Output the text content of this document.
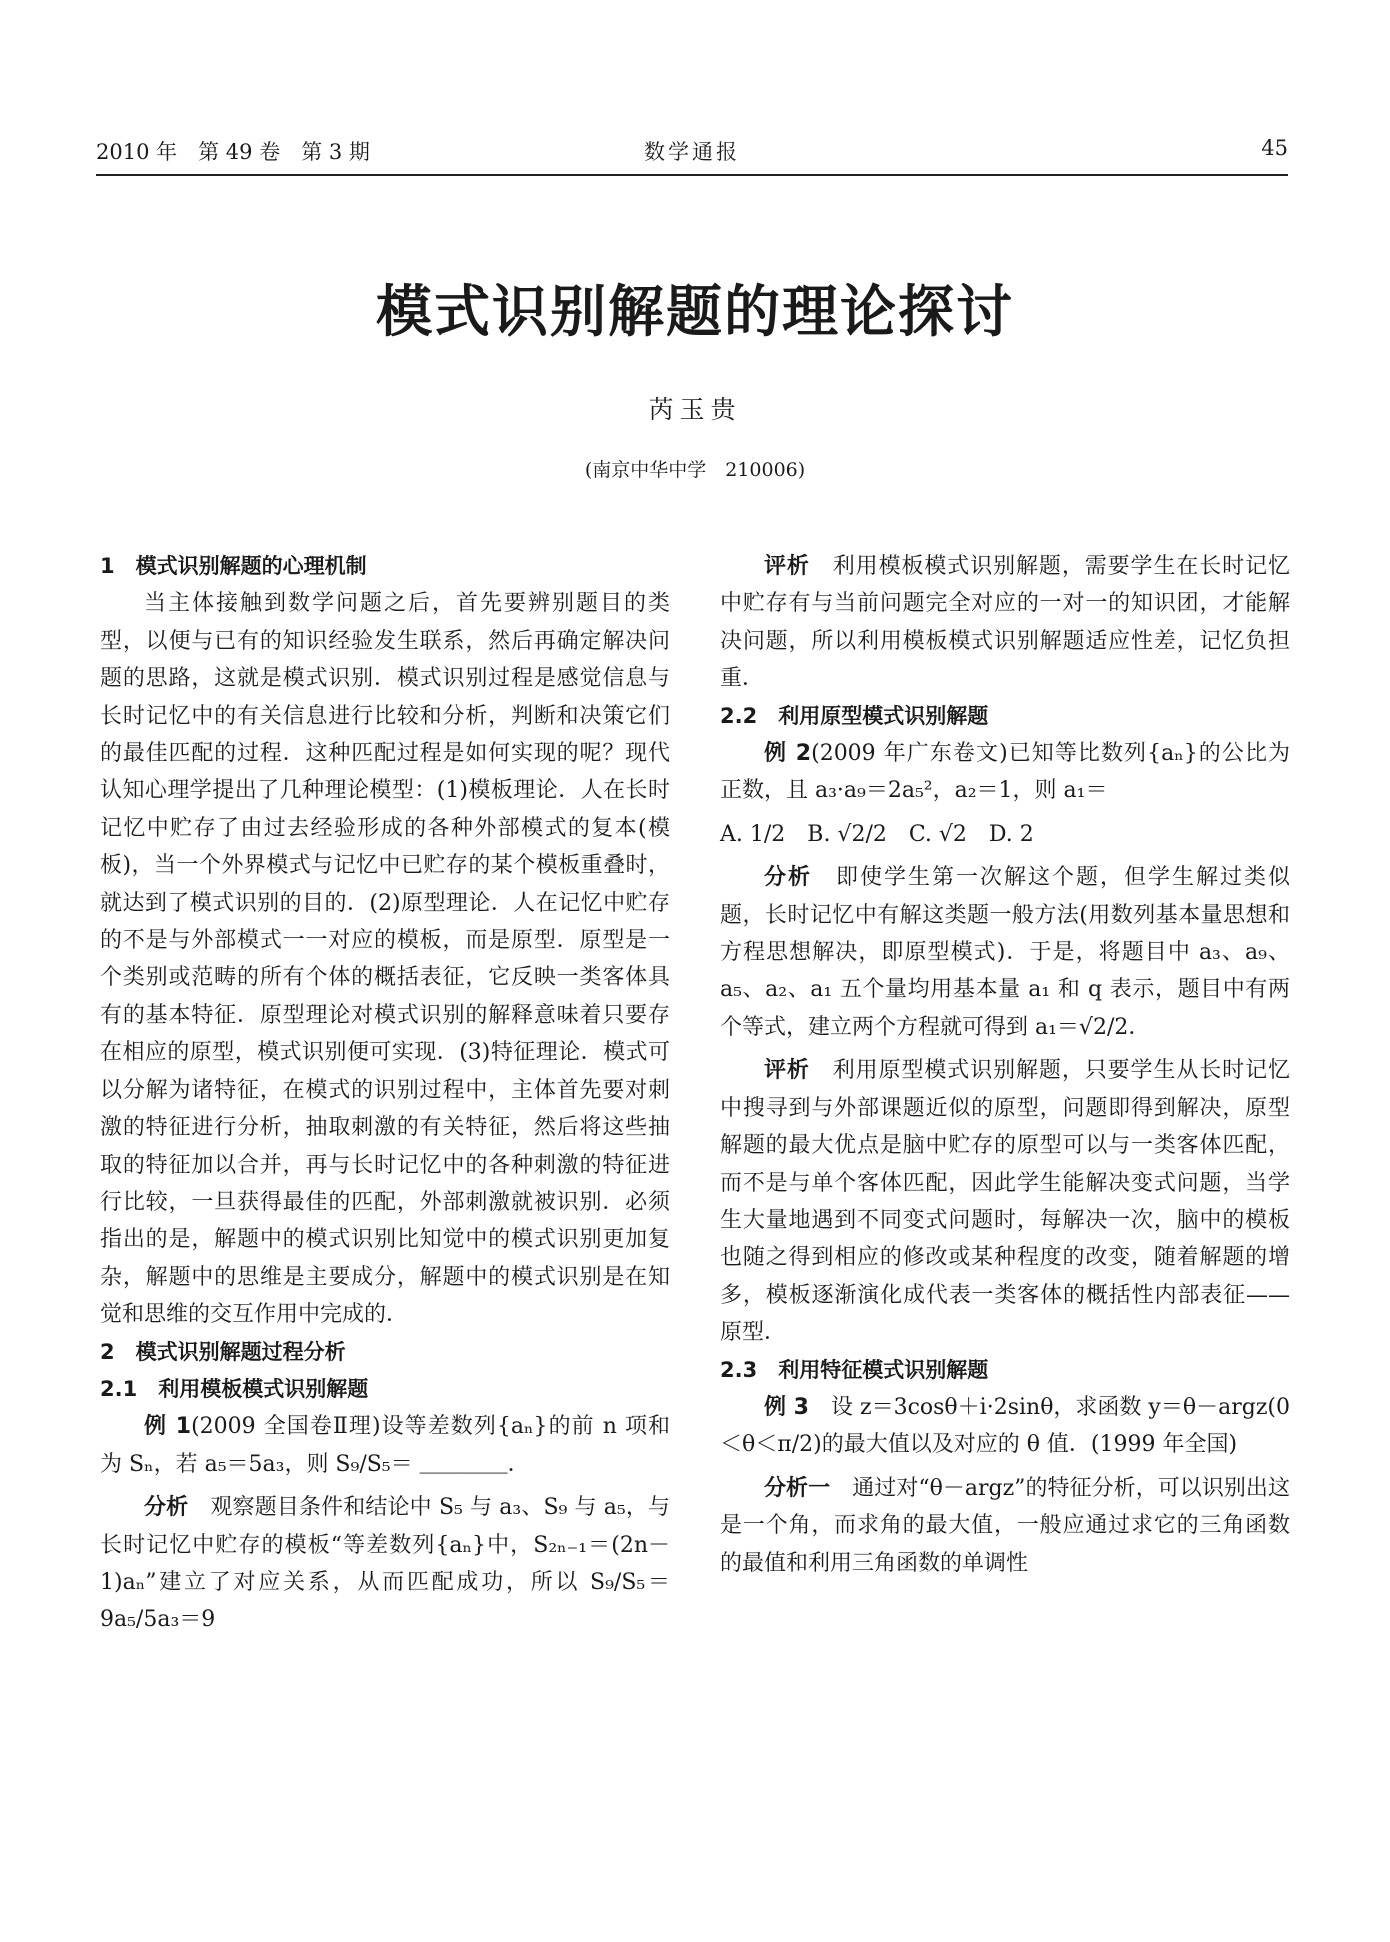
2010 年　第 49 卷　第 3 期	数学通报	45
模式识别解题的理论探讨
芮玉贵
(南京中华中学　210006)
1　模式识别解题的心理机制

当主体接触到数学问题之后，首先要辨别题目的类型，以便与已有的知识经验发生联系，然后再确定解决问题的思路，这就是模式识别．模式识别过程是感觉信息与长时记忆中的有关信息进行比较和分析，判断和决策它们的最佳匹配的过程．这种匹配过程是如何实现的呢？现代认知心理学提出了几种理论模型：(1)模板理论．人在长时记忆中贮存了由过去经验形成的各种外部模式的复本(模板)，当一个外界模式与记忆中已贮存的某个模板重叠时，就达到了模式识别的目的．(2)原型理论．人在记忆中贮存的不是与外部模式一一对应的模板，而是原型．原型是一个类别或范畴的所有个体的概括表征，它反映一类客体具有的基本特征．原型理论对模式识别的解释意味着只要存在相应的原型，模式识别便可实现．(3)特征理论．模式可以分解为诸特征，在模式的识别过程中，主体首先要对刺激的特征进行分析，抽取刺激的有关特征，然后将这些抽取的特征加以合并，再与长时记忆中的各种刺激的特征进行比较，一旦获得最佳的匹配，外部刺激就被识别．必须指出的是，解题中的模式识别比知觉中的模式识别更加复杂，解题中的思维是主要成分，解题中的模式识别是在知觉和思维的交互作用中完成的．

2　模式识别解题过程分析
2.1　利用模板模式识别解题

例 1(2009 全国卷Ⅱ理)设等差数列{aₙ}的前 n 项和为 Sₙ，若 a₅＝5a₃，则 S₉/S₅＝ ＿＿＿＿．

分析　 观察题目条件和结论中 S₅ 与 a₃、S₉ 与 a₅，与长时记忆中贮存的模板“等差数列{aₙ}中，S₂ₙ₋₁＝(2n－1)aₙ”建立了对应关系，从而匹配成功，所以 S₉/S₅＝9a₅/5a₃＝9

评析　 利用模板模式识别解题，需要学生在长时记忆中贮存有与当前问题完全对应的一对一的知识团，才能解决问题，所以利用模板模式识别解题适应性差，记忆负担重．

2.2　利用原型模式识别解题

例 2(2009 年广东卷文)已知等比数列{aₙ}的公比为正数，且 a₃·a₉＝2a₅²，a₂＝1，则 a₁＝

A. 1/2　B. √2/2　C. √2　D. 2

分析　 即使学生第一次解这个题，但学生解过类似题，长时记忆中有解这类题一般方法(用数列基本量思想和方程思想解决，即原型模式)．于是，将题目中 a₃、a₉、a₅、a₂、a₁ 五个量均用基本量 a₁ 和 q 表示，题目中有两个等式，建立两个方程就可得到 a₁＝√2/2．

评析　 利用原型模式识别解题，只要学生从长时记忆中搜寻到与外部课题近似的原型，问题即得到解决，原型解题的最大优点是脑中贮存的原型可以与一类客体匹配，而不是与单个客体匹配，因此学生能解决变式问题，当学生大量地遇到不同变式问题时，每解决一次，脑中的模板也随之得到相应的修改或某种程度的改变，随着解题的增多，模板逐渐演化成代表一类客体的概括性内部表征——原型．

2.3　利用特征模式识别解题

例 3　 设 z＝3cosθ＋i·2sinθ，求函数 y＝θ－argz(0＜θ＜π/2)的最大值以及对应的 θ 值．(1999 年全国)

分析一　 通过对“θ－argz”的特征分析，可以识别出这是一个角，而求角的最大值，一般应通过求它的三角函数的最值和利用三角函数的单调性
